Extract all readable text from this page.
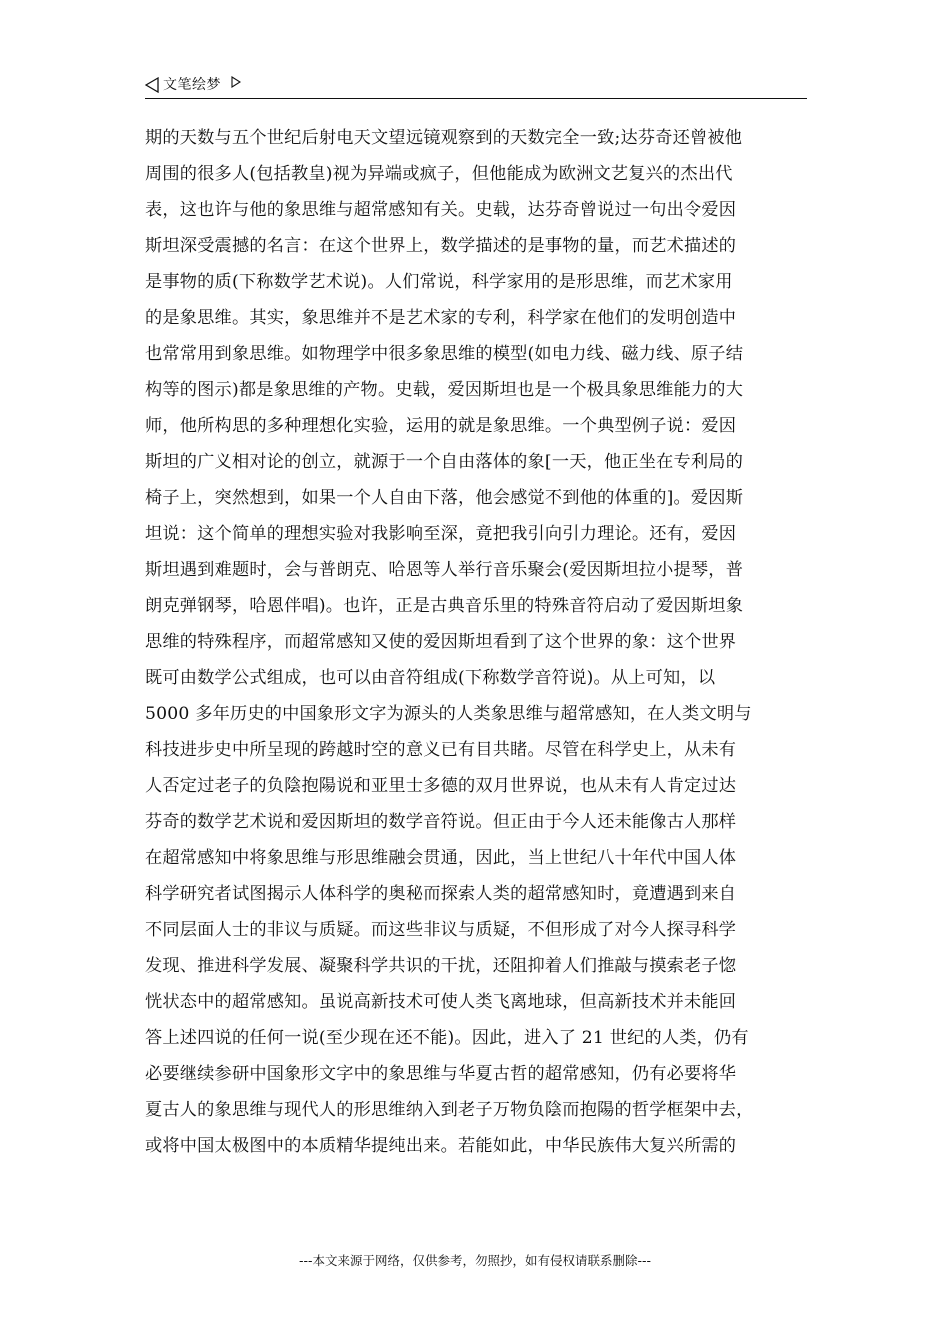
文笔绘梦
期的天数与五个世纪后射电天文望远镜观察到的天数完全一致;达芬奇还曾被他
周围的很多人(包括教皇)视为异端或疯子，但他能成为欧洲文艺复兴的杰出代
表，这也许与他的象思维与超常感知有关。史载，达芬奇曾说过一句出令爱因
斯坦深受震撼的名言：在这个世界上，数学描述的是事物的量，而艺术描述的
是事物的质(下称数学艺术说)。人们常说，科学家用的是形思维，而艺术家用
的是象思维。其实，象思维并不是艺术家的专利，科学家在他们的发明创造中
也常常用到象思维。如物理学中很多象思维的模型(如电力线、磁力线、原子结
构等的图示)都是象思维的产物。史载，爱因斯坦也是一个极具象思维能力的大
师，他所构思的多种理想化实验，运用的就是象思维。一个典型例子说：爱因
斯坦的广义相对论的创立，就源于一个自由落体的象[一天，他正坐在专利局的
椅子上，突然想到，如果一个人自由下落，他会感觉不到他的体重的]。爱因斯
坦说：这个简单的理想实验对我影响至深，竟把我引向引力理论。还有，爱因
斯坦遇到难题时，会与普朗克、哈恩等人举行音乐聚会(爱因斯坦拉小提琴，普
朗克弹钢琴，哈恩伴唱)。也许，正是古典音乐里的特殊音符启动了爱因斯坦象
思维的特殊程序，而超常感知又使的爱因斯坦看到了这个世界的象：这个世界
既可由数学公式组成，也可以由音符组成(下称数学音符说)。从上可知，以
5000 多年历史的中国象形文字为源头的人类象思维与超常感知，在人类文明与
科技进步史中所呈现的跨越时空的意义已有目共睹。尽管在科学史上，从未有
人否定过老子的负陰抱陽说和亚里士多德的双月世界说，也从未有人肯定过达
芬奇的数学艺术说和爱因斯坦的数学音符说。但正由于今人还未能像古人那样
在超常感知中将象思维与形思维融会贯通，因此，当上世纪八十年代中国人体
科学研究者试图揭示人体科学的奥秘而探索人类的超常感知时，竟遭遇到来自
不同层面人士的非议与质疑。而这些非议与质疑，不但形成了对今人探寻科学
发现、推进科学发展、凝聚科学共识的干扰，还阻抑着人们推敲与摸索老子惚
恍状态中的超常感知。虽说高新技术可使人类飞离地球，但高新技术并未能回
答上述四说的任何一说(至少现在还不能)。因此，进入了 21 世纪的人类，仍有
必要继续参研中国象形文字中的象思维与华夏古哲的超常感知，仍有必要将华
夏古人的象思维与现代人的形思维纳入到老子万物负陰而抱陽的哲学框架中去，
或将中国太极图中的本质精华提纯出来。若能如此，中华民族伟大复兴所需的
---本文来源于网络，仅供参考，勿照抄，如有侵权请联系删除---
